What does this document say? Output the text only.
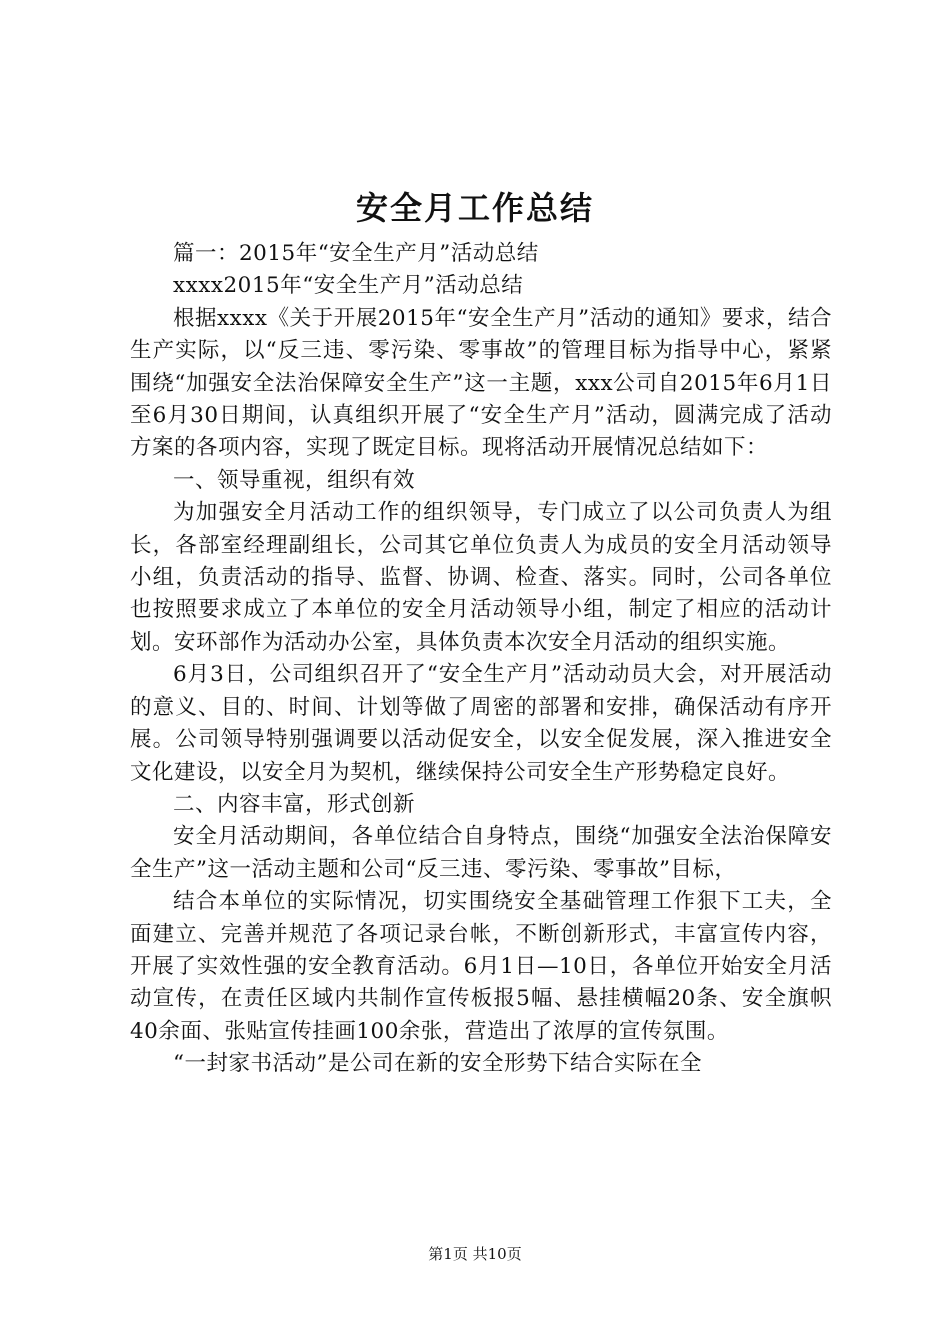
安全月工作总结

篇一：2015年“安全生产月”活动总结

xxxx2015年“安全生产月”活动总结

根据xxxx《关于开展2015年“安全生产月”活动的通知》要求，结合生产实际，以“反三违、零污染、零事故”的管理目标为指导中心，紧紧围绕“加强安全法治保障安全生产”这一主题，xxx公司自2015年6月1日至6月30日期间，认真组织开展了“安全生产月”活动，圆满完成了活动方案的各项内容，实现了既定目标。现将活动开展情况总结如下：

一、领导重视，组织有效

为加强安全月活动工作的组织领导，专门成立了以公司负责人为组长，各部室经理副组长，公司其它单位负责人为成员的安全月活动领导小组，负责活动的指导、监督、协调、检查、落实。同时，公司各单位也按照要求成立了本单位的安全月活动领导小组，制定了相应的活动计划。安环部作为活动办公室，具体负责本次安全月活动的组织实施。

6月3日，公司组织召开了“安全生产月”活动动员大会，对开展活动的意义、目的、时间、计划等做了周密的部署和安排，确保活动有序开展。公司领导特别强调要以活动促安全，以安全促发展，深入推进安全文化建设，以安全月为契机，继续保持公司安全生产形势稳定良好。

二、内容丰富，形式创新

安全月活动期间，各单位结合自身特点，围绕“加强安全法治保障安全生产”这一活动主题和公司“反三违、零污染、零事故”目标，

结合本单位的实际情况，切实围绕安全基础管理工作狠下工夫，全面建立、完善并规范了各项记录台帐，不断创新形式，丰富宣传内容，开展了实效性强的安全教育活动。6月1日—10日，各单位开始安全月活动宣传，在责任区域内共制作宣传板报5幅、悬挂横幅20条、安全旗帜40余面、张贴宣传挂画100余张，营造出了浓厚的宣传氛围。

“一封家书活动”是公司在新的安全形势下结合实际在全

第1页 共10页
